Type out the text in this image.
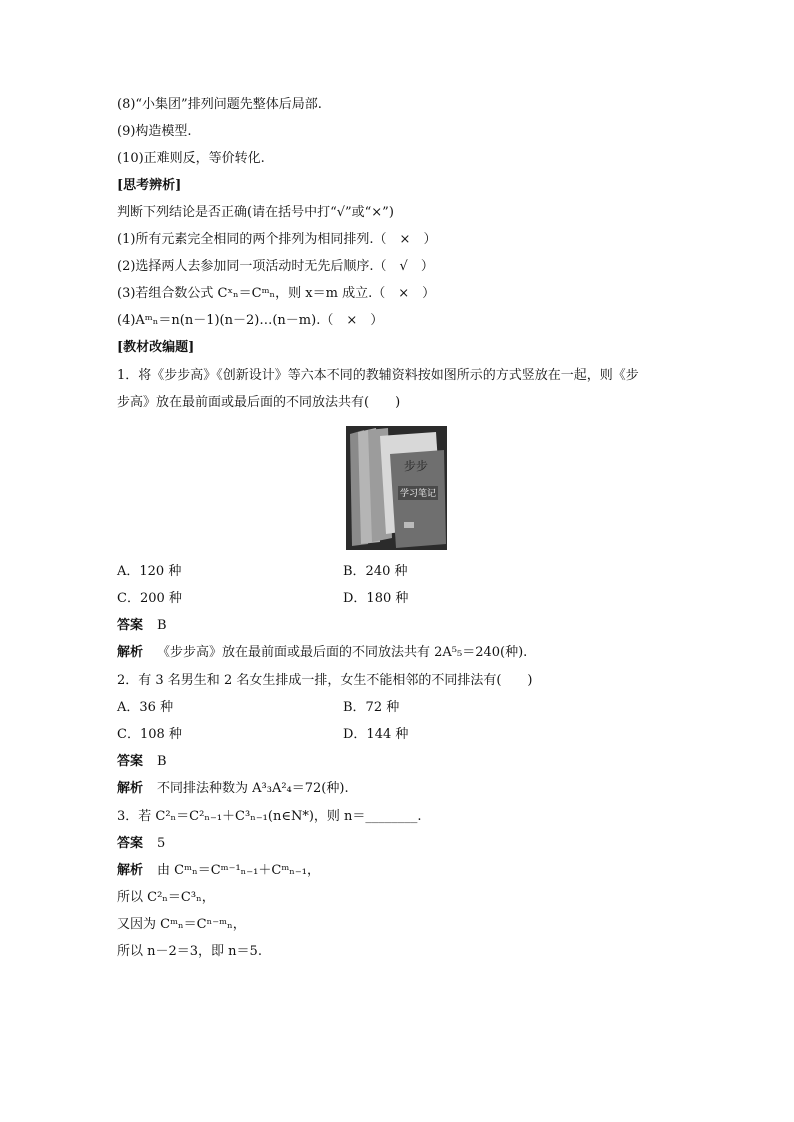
(8)“小集团”排列问题先整体后局部.
(9)构造模型.
(10)正难则反，等价转化.
[思考辨析]
判断下列结论是否正确(请在括号中打“√”或“×”)
(1)所有元素完全相同的两个排列为相同排列.（　×　）
(2)选择两人去参加同一项活动时无先后顺序.（　√　）
(3)若组合数公式 Cˣₙ＝Cᵐₙ，则 x＝m 成立.（　×　）
(4)Aᵐₙ＝n(n－1)(n－2)…(n－m).（　×　）
[教材改编题]
1．将《步步高》《创新设计》等六本不同的教辅资料按如图所示的方式竖放在一起，则《步
步高》放在最前面或最后面的不同放法共有(　　)
学习笔记
步步
A．120 种	B．240 种
C．200 种	D．180 种
答案 B
解析 《步步高》放在最前面或最后面的不同放法共有 2A⁵₅＝240(种).
2．有 3 名男生和 2 名女生排成一排，女生不能相邻的不同排法有(　　)
A．36 种	B．72 种
C．108 种	D．144 种
答案 B
解析 不同排法种数为 A³₃A²₄＝72(种).
3．若 C²ₙ＝C²ₙ₋₁＋C³ₙ₋₁(n∈N*)，则 n＝________.
答案 5
解析 由 Cᵐₙ＝Cᵐ⁻¹ₙ₋₁＋Cᵐₙ₋₁，
所以 C²ₙ＝C³ₙ，
又因为 Cᵐₙ＝Cⁿ⁻ᵐₙ，
所以 n－2＝3，即 n＝5.
